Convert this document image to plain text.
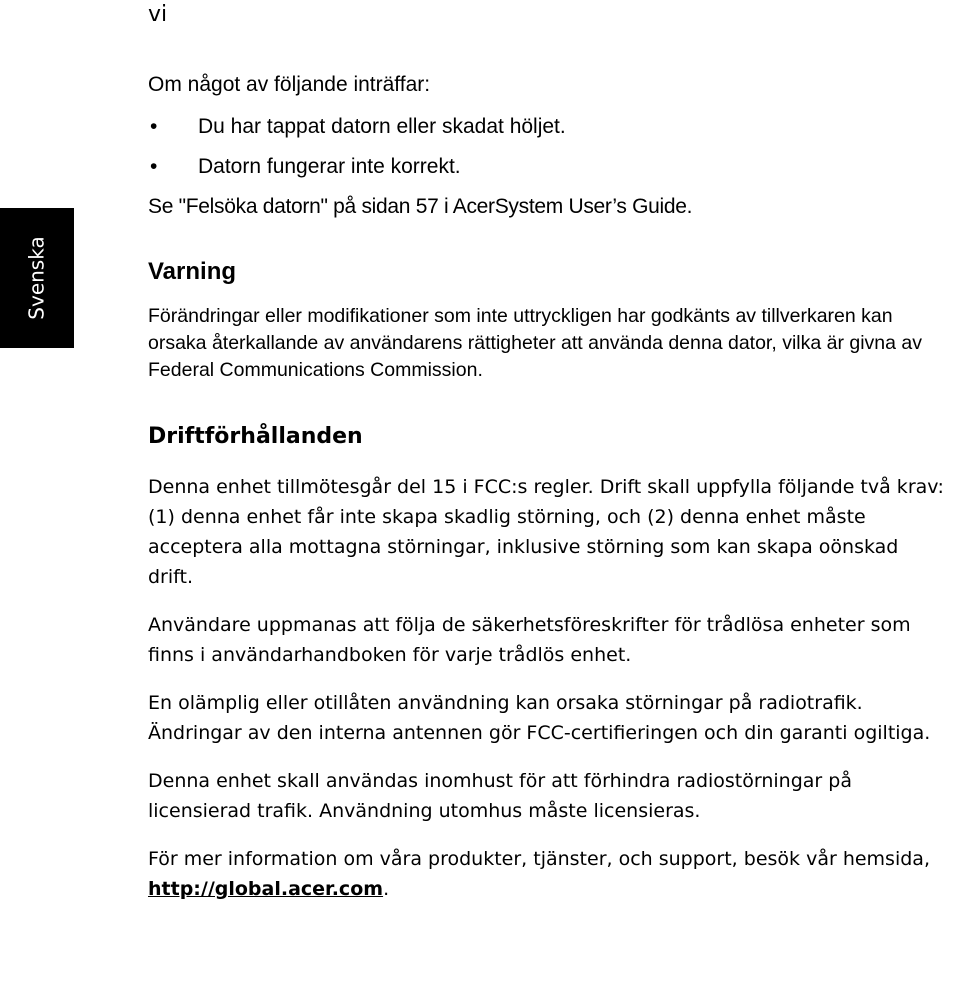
vi
Svenska

Om något av följande inträffar:

• Du har tappat datorn eller skadat höljet.
• Datorn fungerar inte korrekt.

Se "Felsöka datorn" på sidan 57 i AcerSystem User’s Guide.

Varning

Förändringar eller modifikationer som inte uttryckligen har godkänts av tillverkaren kan orsaka återkallande av användarens rättigheter att använda denna dator, vilka är givna av Federal Communications Commission.

Driftförhållanden

Denna enhet tillmötesgår del 15 i FCC:s regler. Drift skall uppfylla följande två krav: (1) denna enhet får inte skapa skadlig störning, och (2) denna enhet måste acceptera alla mottagna störningar, inklusive störning som kan skapa oönskad drift.

Användare uppmanas att följa de säkerhetsföreskrifter för trådlösa enheter som finns i användarhandboken för varje trådlös enhet.

En olämplig eller otillåten användning kan orsaka störningar på radiotrafik. Ändringar av den interna antennen gör FCC-certifieringen och din garanti ogiltiga.

Denna enhet skall användas inomhust för att förhindra radiostörningar på licensierad trafik. Användning utomhus måste licensieras.

För mer information om våra produkter, tjänster, och support, besök vår hemsida, http://global.acer.com.
